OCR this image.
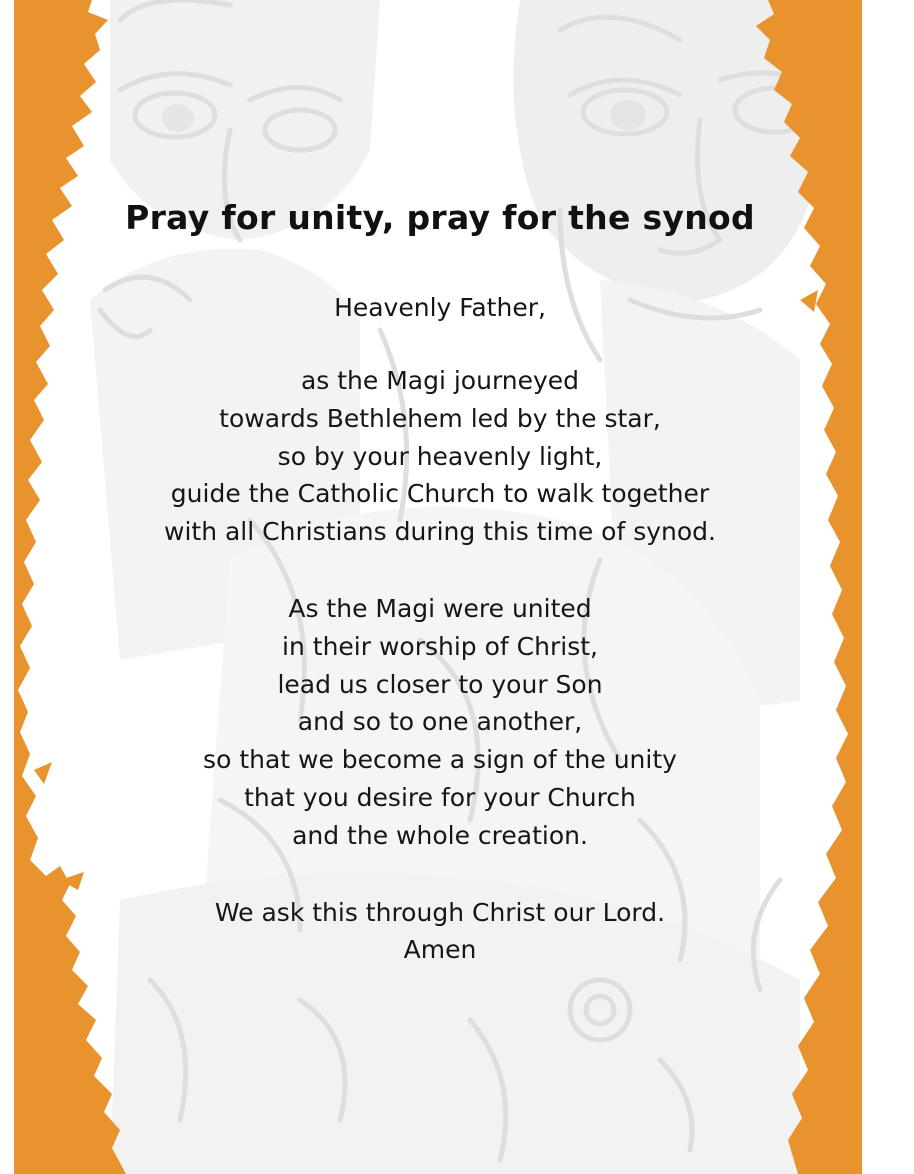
Pray for unity, pray for the synod

Heavenly Father,

as the Magi journeyed
towards Bethlehem led by the star,
so by your heavenly light,
guide the Catholic Church to walk together
with all Christians during this time of synod.

As the Magi were united
in their worship of Christ,
lead us closer to your Son
and so to one another,
so that we become a sign of the unity
that you desire for your Church
and the whole creation.

We ask this through Christ our Lord.

Amen
